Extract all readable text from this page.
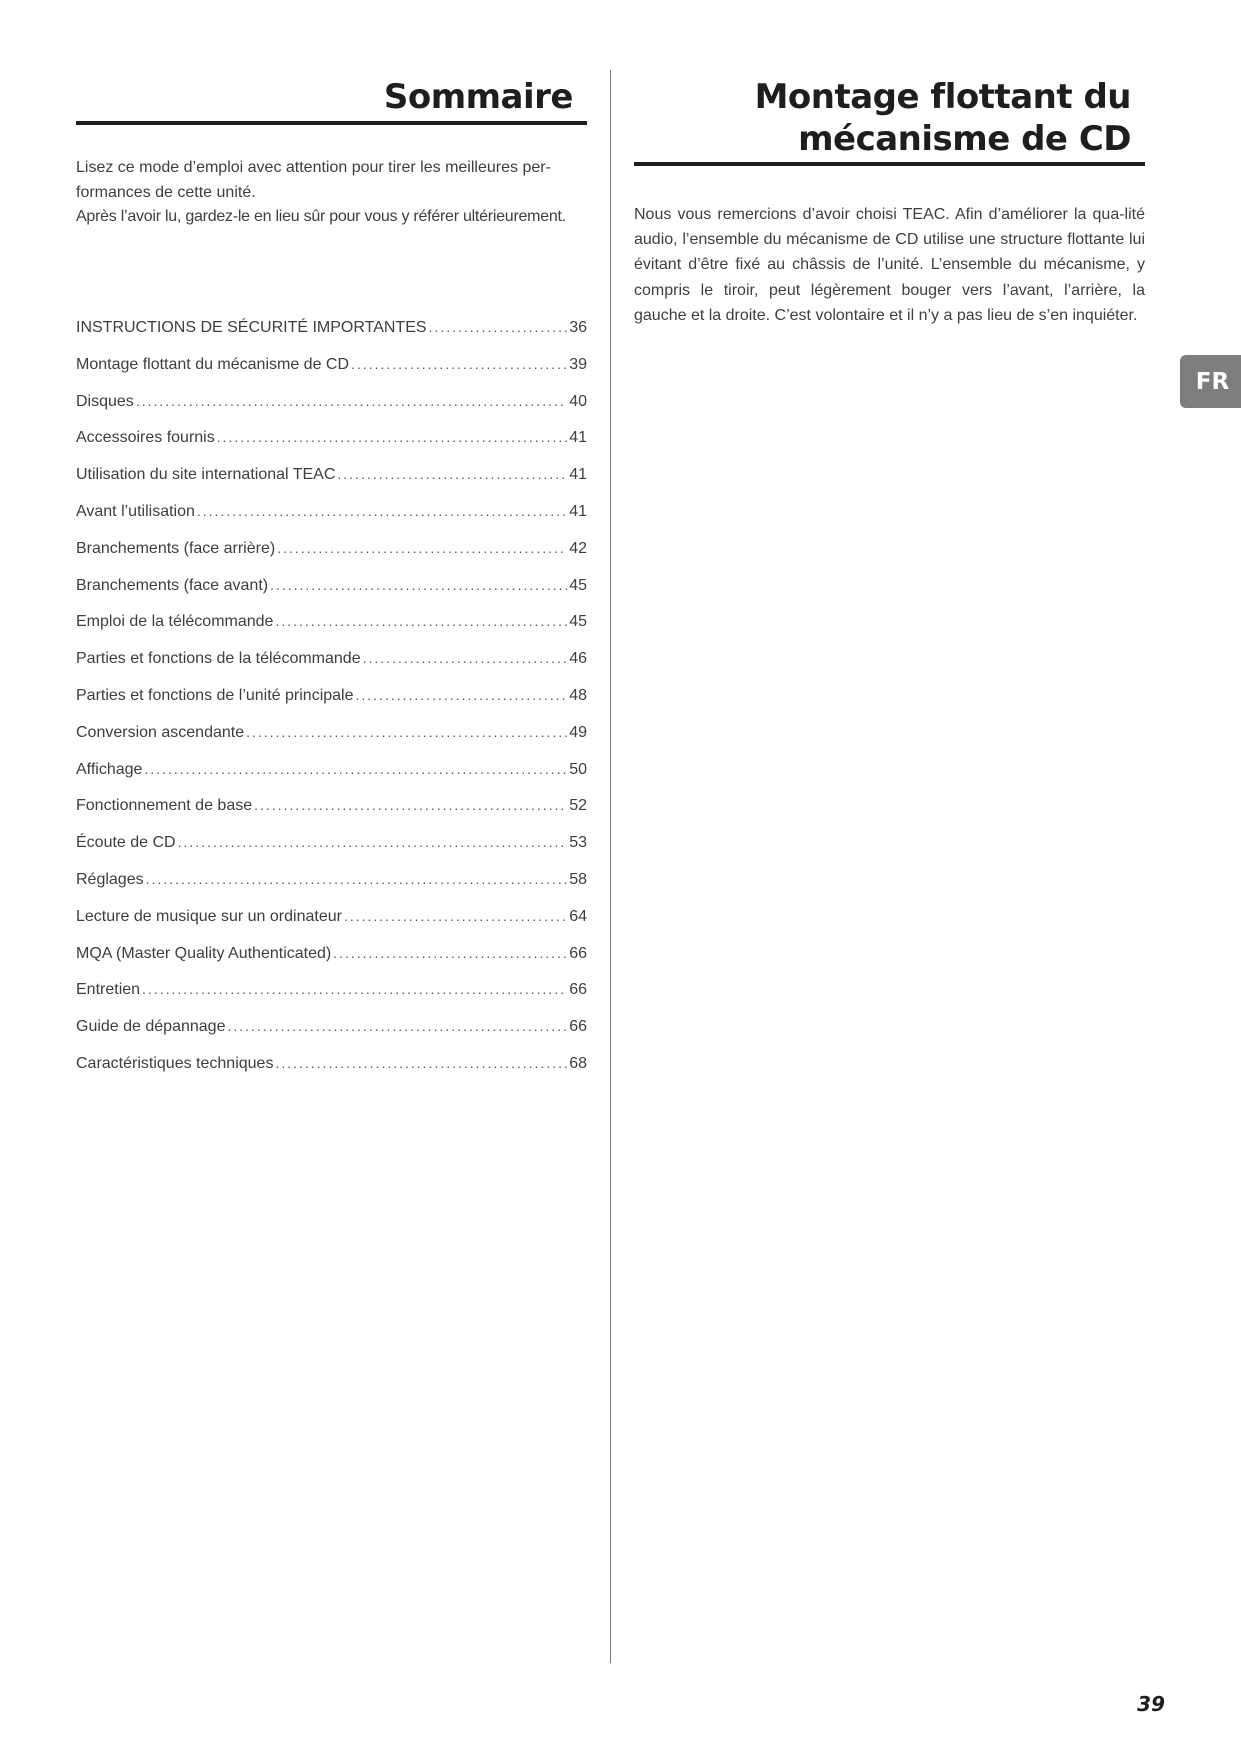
Sommaire

Lisez ce mode d’emploi avec attention pour tirer les meilleures per-

formances de cette unité.

Après l’avoir lu, gardez-le en lieu sûr pour vous y référer ultérieurement.

INSTRUCTIONS DE SÉCURITÉ IMPORTANTES .....	36
Montage flottant du mécanisme de CD .....	39
Disques .....	40
Accessoires fournis .....	41
Utilisation du site international TEAC .....	41
Avant l’utilisation .....	41
Branchements (face arrière) .....	42
Branchements (face avant) .....	45
Emploi de la télécommande .....	45
Parties et fonctions de la télécommande .....	46
Parties et fonctions de l’unité principale .....	48
Conversion ascendante .....	49
Affichage .....	50
Fonctionnement de base .....	52
Écoute de CD .....	53
Réglages .....	58
Lecture de musique sur un ordinateur .....	64
MQA (Master Quality Authenticated) .....	66
Entretien .....	66
Guide de dépannage .....	66
Caractéristiques techniques .....	68
Montage flottant du
mécanisme de CD

Nous vous remercions d’avoir choisi TEAC. Afin d’améliorer la qua-lité audio, l’ensemble du mécanisme de CD utilise une structure flottante lui évitant d’être fixé au châssis de l’unité. L’ensemble du mécanisme, y compris le tiroir, peut légèrement bouger vers l’avant, l’arrière, la gauche et la droite. C’est volontaire et il n’y a pas lieu de s’en inquiéter.

FR
39
